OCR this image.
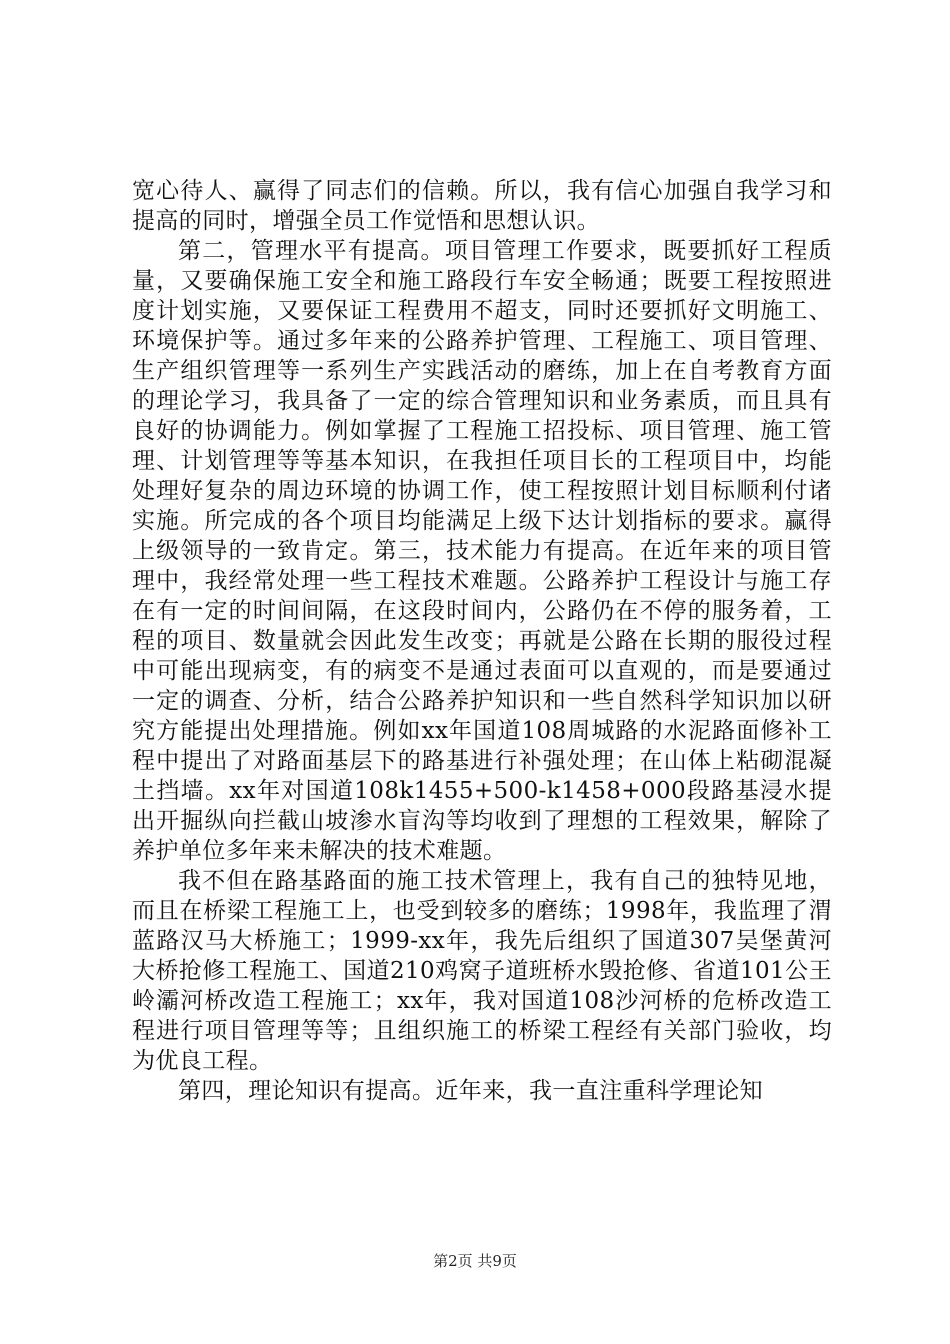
宽心待人、赢得了同志们的信赖。所以，我有信心加强自我学习和提高的同时，增强全员工作觉悟和思想认识。

第二，管理水平有提高。项目管理工作要求，既要抓好工程质量，又要确保施工安全和施工路段行车安全畅通；既要工程按照进度计划实施，又要保证工程费用不超支，同时还要抓好文明施工、环境保护等。通过多年来的公路养护管理、工程施工、项目管理、生产组织管理等一系列生产实践活动的磨练，加上在自考教育方面的理论学习，我具备了一定的综合管理知识和业务素质，而且具有良好的协调能力。例如掌握了工程施工招投标、项目管理、施工管理、计划管理等等基本知识，在我担任项目长的工程项目中，均能处理好复杂的周边环境的协调工作，使工程按照计划目标顺利付诸实施。所完成的各个项目均能满足上级下达计划指标的要求。赢得上级领导的一致肯定。第三，技术能力有提高。在近年来的项目管理中，我经常处理一些工程技术难题。公路养护工程设计与施工存在有一定的时间间隔，在这段时间内，公路仍在不停的服务着，工程的项目、数量就会因此发生改变；再就是公路在长期的服役过程中可能出现病变，有的病变不是通过表面可以直观的，而是要通过一定的调查、分析，结合公路养护知识和一些自然科学知识加以研究方能提出处理措施。例如xx年国道108周城路的水泥路面修补工程中提出了对路面基层下的路基进行补强处理；在山体上粘砌混凝土挡墙。xx年对国道108k1455+500-k1458+000段路基浸水提出开掘纵向拦截山坡渗水盲沟等均收到了理想的工程效果，解除了养护单位多年来未解决的技术难题。

我不但在路基路面的施工技术管理上，我有自己的独特见地，而且在桥梁工程施工上，也受到较多的磨练；1998年，我监理了渭蓝路汉马大桥施工；1999-xx年，我先后组织了国道307吴堡黄河大桥抢修工程施工、国道210鸡窝子道班桥水毁抢修、省道101公王岭灞河桥改造工程施工；xx年，我对国道108沙河桥的危桥改造工程进行项目管理等等；且组织施工的桥梁工程经有关部门验收，均为优良工程。

第四，理论知识有提高。近年来，我一直注重科学理论知

第2页 共9页
